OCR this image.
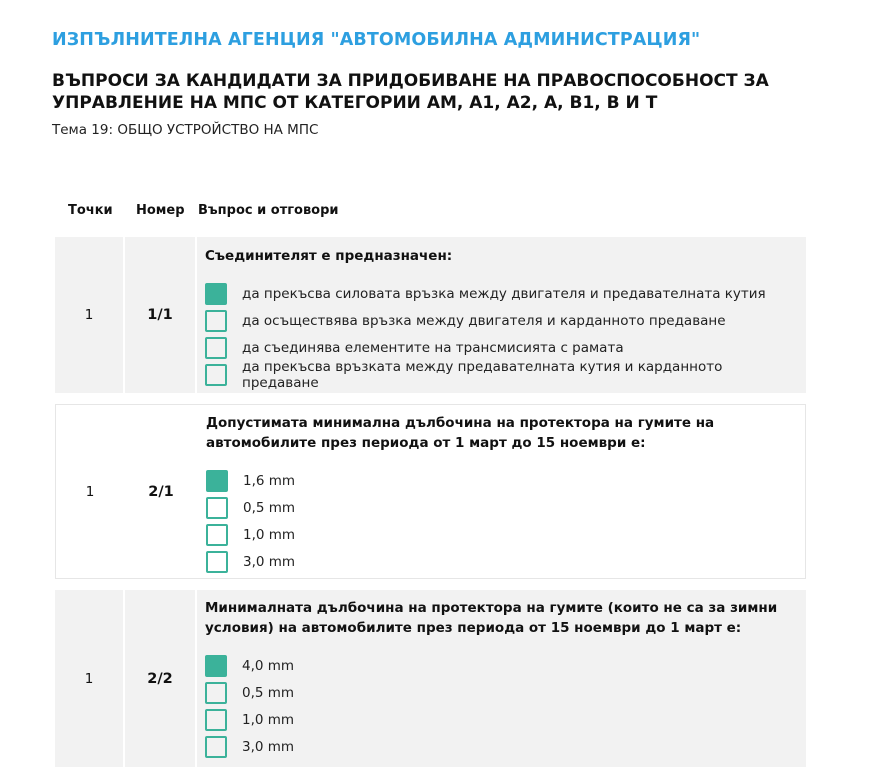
ИЗПЪЛНИТЕЛНА АГЕНЦИЯ "АВТОМОБИЛНА АДМИНИСТРАЦИЯ"
ВЪПРОСИ ЗА КАНДИДАТИ ЗА ПРИДОБИВАНЕ НА ПРАВОСПОСОБНОСТ ЗА УПРАВЛЕНИЕ НА МПС ОТ КАТЕГОРИИ АМ, А1, А2, А, В1, В И Т
Тема 19: ОБЩО УСТРОЙСТВО НА МПС
Точки Номер Въпрос и отговори
1	1/1
Съединителят е предназначен:
да прекъсва силовата връзка между двигателя и предавателната кутия
да осъществява връзка между двигателя и карданното предаване
да съединява елементите на трансмисията с рамата
да прекъсва връзката между предавателната кутия и карданното предаване
1	2/1
Допустимата минимална дълбочина на протектора на гумите на автомобилите през периода от 1 март до 15 ноември е:
1,6 mm
0,5 mm
1,0 mm
3,0 mm
1	2/2
Минималната дълбочина на протектора на гумите (които не са за зимни условия) на автомобилите през периода от 15 ноември до 1 март е:
4,0 mm
0,5 mm
1,0 mm
3,0 mm
